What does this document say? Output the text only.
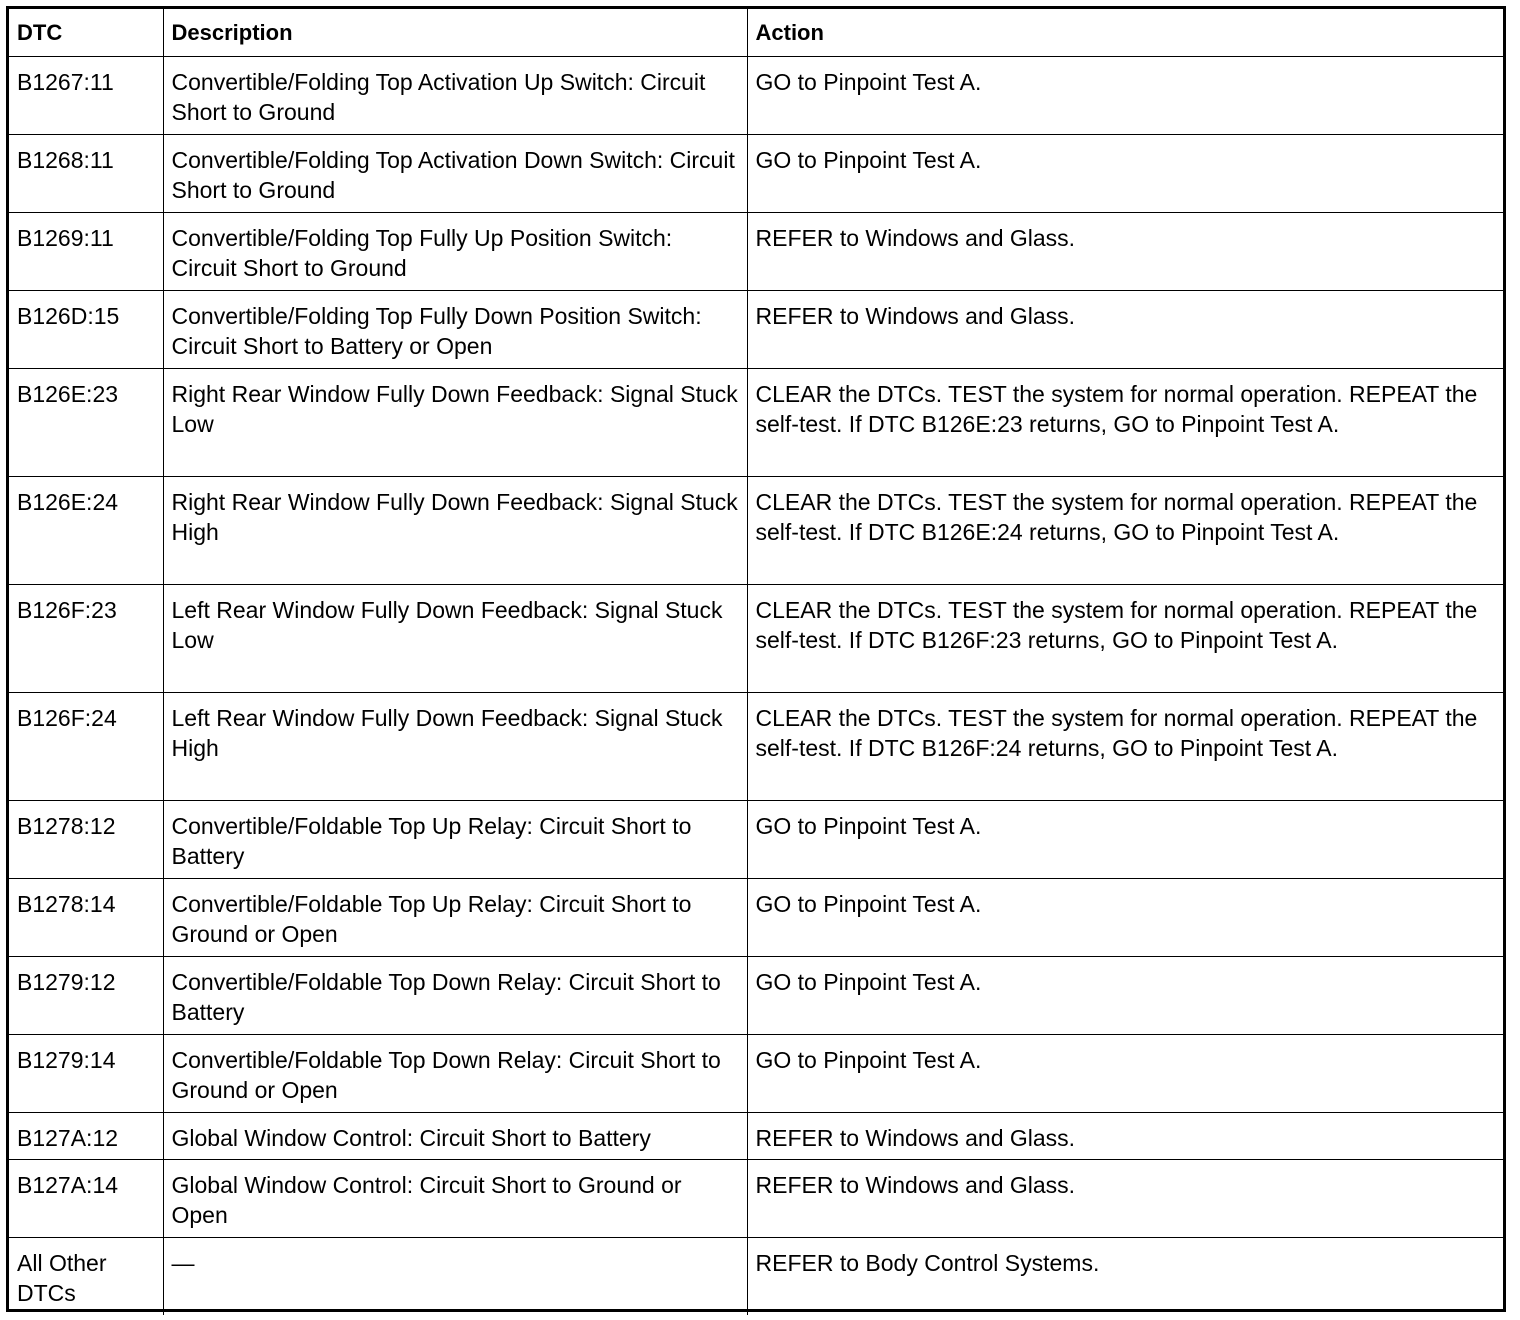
DTC	Description	Action
B1267:11	Convertible/Folding Top Activation Up Switch: Circuit Short to Ground	GO to Pinpoint Test A.
B1268:11	Convertible/Folding Top Activation Down Switch: Circuit Short to Ground	GO to Pinpoint Test A.
B1269:11	Convertible/Folding Top Fully Up Position Switch: Circuit Short to Ground	REFER to Windows and Glass.
B126D:15	Convertible/Folding Top Fully Down Position Switch: Circuit Short to Battery or Open	REFER to Windows and Glass.
B126E:23	Right Rear Window Fully Down Feedback: Signal Stuck Low	CLEAR the DTCs. TEST the system for normal operation. REPEAT the self-test. If DTC B126E:23 returns, GO to Pinpoint Test A.
B126E:24	Right Rear Window Fully Down Feedback: Signal Stuck High	CLEAR the DTCs. TEST the system for normal operation. REPEAT the self-test. If DTC B126E:24 returns, GO to Pinpoint Test A.
B126F:23	Left Rear Window Fully Down Feedback: Signal Stuck Low	CLEAR the DTCs. TEST the system for normal operation. REPEAT the self-test. If DTC B126F:23 returns, GO to Pinpoint Test A.
B126F:24	Left Rear Window Fully Down Feedback: Signal Stuck High	CLEAR the DTCs. TEST the system for normal operation. REPEAT the self-test. If DTC B126F:24 returns, GO to Pinpoint Test A.
B1278:12	Convertible/Foldable Top Up Relay: Circuit Short to Battery	GO to Pinpoint Test A.
B1278:14	Convertible/Foldable Top Up Relay: Circuit Short to Ground or Open	GO to Pinpoint Test A.
B1279:12	Convertible/Foldable Top Down Relay: Circuit Short to Battery	GO to Pinpoint Test A.
B1279:14	Convertible/Foldable Top Down Relay: Circuit Short to Ground or Open	GO to Pinpoint Test A.
B127A:12	Global Window Control: Circuit Short to Battery	REFER to Windows and Glass.
B127A:14	Global Window Control: Circuit Short to Ground or Open	REFER to Windows and Glass.
All Other DTCs	—	REFER to Body Control Systems.
